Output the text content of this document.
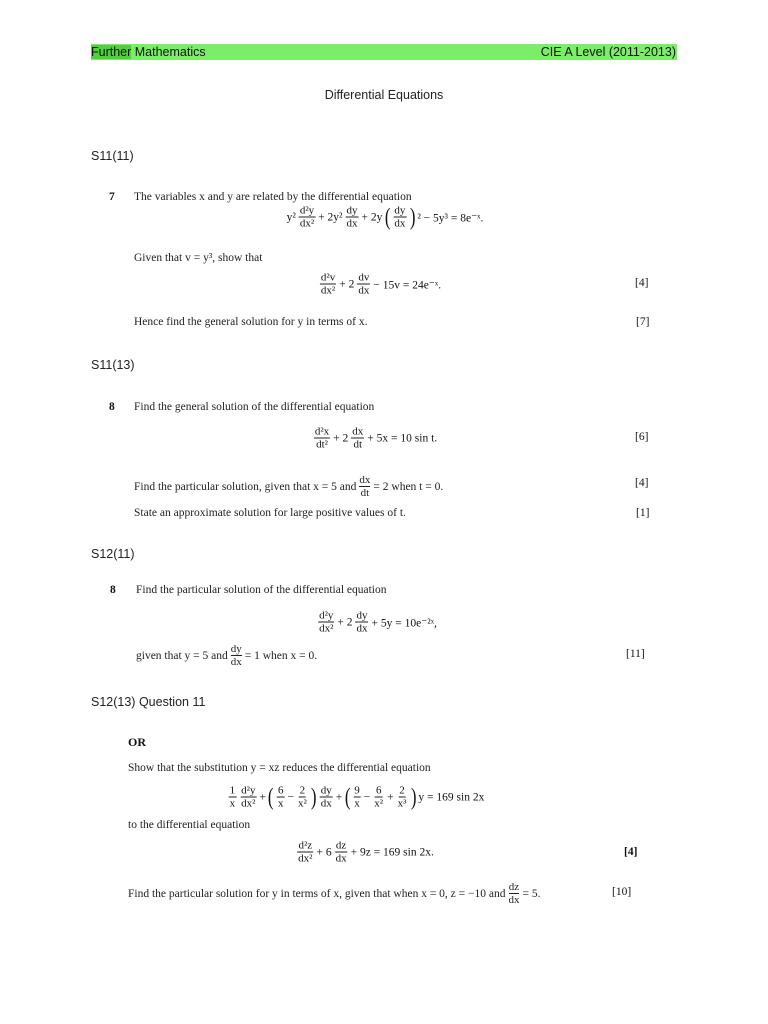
Further Mathematics	CIE A Level (2011-2013)
Differential Equations
S11(11)
7 The variables x and y are related by the differential equation
$y^2 \frac{\text{d²y}}{\text{dx²}} + 2y^2 \frac{dy}{dx} + 2y$ ( $\frac{dy}{dx}$ ) ² − 5y³ = 8e⁻ˣ.
Given that v = y³, show that
$\frac{\text{d²v}}{\text{dx²}} + 2 \frac{dv}{dx} - 15v$ = 24e⁻ˣ.	[4]
Hence find the general solution for y in terms of x.	[7]
S11(13)
8 Find the general solution of the differential equation
$\frac{\text{d²x}}{\text{dt²}} + 2 \frac{dx}{dt} + 5x = 10$ sin t.	[6]
Find the particular solution, given that x = 5 and $\frac{dx}{dt} = 2$ when t = 0.	[4]
State an approximate solution for large positive values of t.	[1]
S12(11)
8 Find the particular solution of the differential equation
$\frac{\text{d²y}}{\text{dx²}} + 2 \frac{dy}{dx} + 5y$ = 10e⁻²ˣ,
given that y = 5 and $\frac{dy}{dx} = 1$ when x = 0.	[11]
S12(13) Question 11
OR
Show that the substitution y = xz reduces the differential equation
$\frac{1}{x} \frac{\text{d²y}}{\text{dx²}}$ + ( $\frac{6}{x} - \frac{2}{\text{x²}}$ ) $\frac{dy}{dx}$ + ( $\frac{9}{x} - \frac{6}{\text{x²}} + \frac{2}{\text{x³}}$ ) y = 169 sin 2x
to the differential equation
$\frac{\text{d²z}}{\text{dx²}} + 6 \frac{dz}{dx} + 9z = 169$ sin 2x.	[4]
Find the particular solution for y in terms of x, given that when x = 0, z = −10 and $\frac{dz}{dx} = 5$.	[10]
